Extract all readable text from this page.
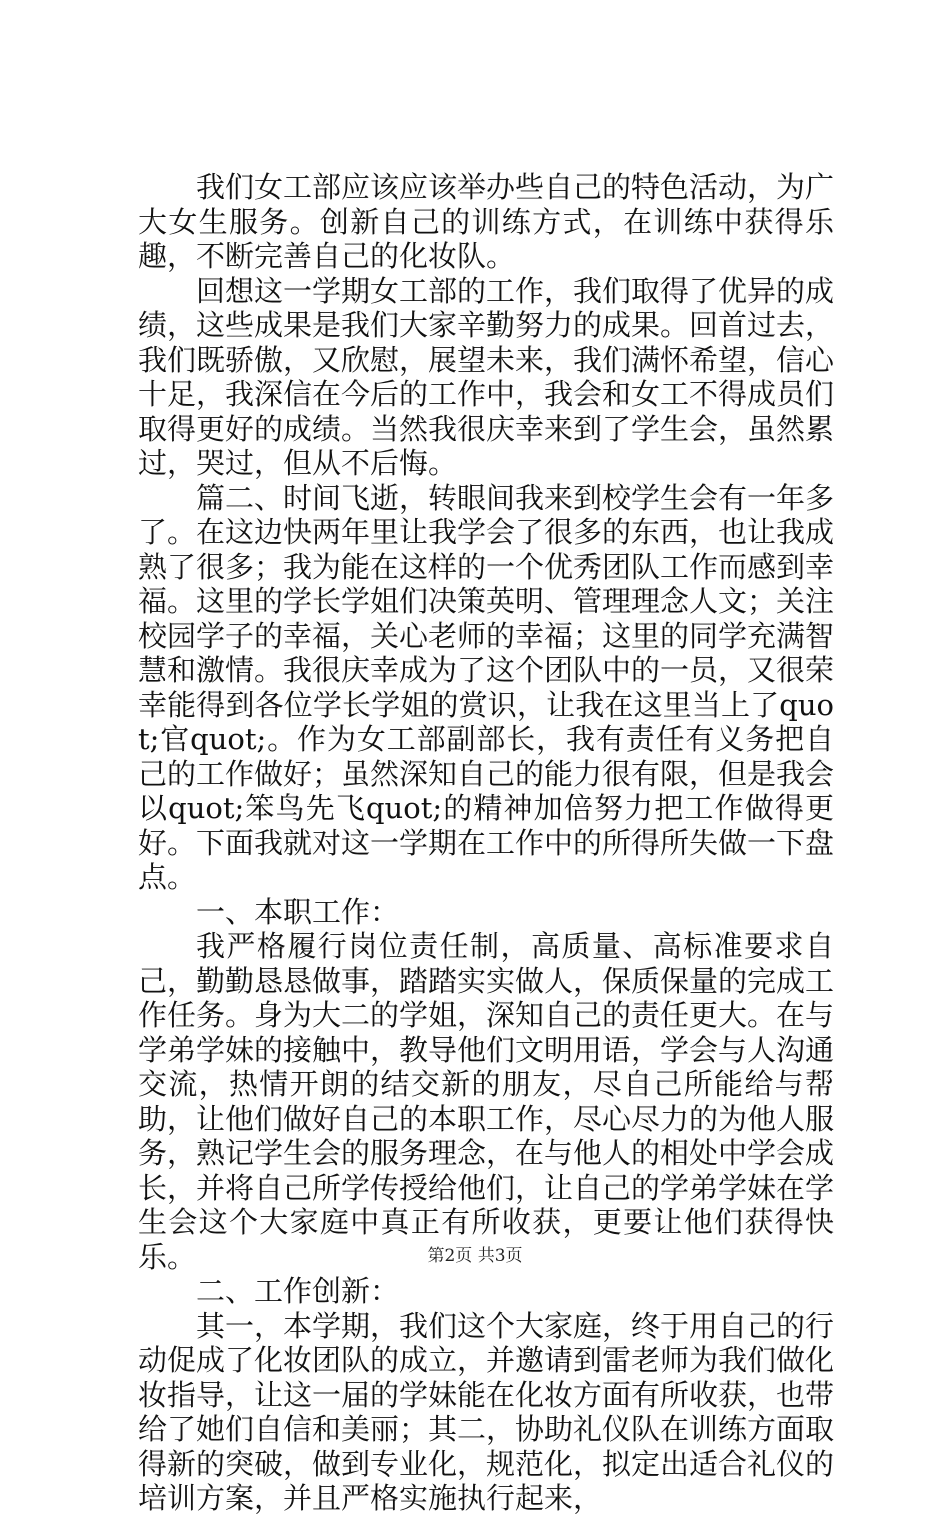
我们女工部应该应该举办些自己的特色活动，为广大女生服务。创新自己的训练方式，在训练中获得乐趣，不断完善自己的化妆队。

回想这一学期女工部的工作，我们取得了优异的成绩，这些成果是我们大家辛勤努力的成果。回首过去，我们既骄傲，又欣慰，展望未来，我们满怀希望，信心十足，我深信在今后的工作中，我会和女工不得成员们取得更好的成绩。当然我很庆幸来到了学生会，虽然累过，哭过，但从不后悔。

篇二、时间飞逝，转眼间我来到校学生会有一年多了。在这边快两年里让我学会了很多的东西，也让我成熟了很多；我为能在这样的一个优秀团队工作而感到幸福。这里的学长学姐们决策英明、管理理念人文；关注校园学子的幸福，关心老师的幸福；这里的同学充满智慧和激情。我很庆幸成为了这个团队中的一员，又很荣幸能得到各位学长学姐的赏识，让我在这里当上了quot;官quot;。作为女工部副部长，我有责任有义务把自己的工作做好；虽然深知自己的能力很有限，但是我会以quot;笨鸟先飞quot;的精神加倍努力把工作做得更好。下面我就对这一学期在工作中的所得所失做一下盘点。

一、本职工作：

我严格履行岗位责任制，高质量、高标准要求自己，勤勤恳恳做事，踏踏实实做人，保质保量的完成工作任务。身为大二的学姐，深知自己的责任更大。在与学弟学妹的接触中，教导他们文明用语，学会与人沟通交流，热情开朗的结交新的朋友，尽自己所能给与帮助，让他们做好自己的本职工作，尽心尽力的为他人服务，熟记学生会的服务理念，在与他人的相处中学会成长，并将自己所学传授给他们，让自己的学弟学妹在学生会这个大家庭中真正有所收获，更要让他们获得快乐。

二、工作创新：

其一，本学期，我们这个大家庭，终于用自己的行动促成了化妆团队的成立，并邀请到雷老师为我们做化妆指导，让这一届的学妹能在化妆方面有所收获，也带给了她们自信和美丽；其二，协助礼仪队在训练方面取得新的突破，做到专业化，规范化，拟定出适合礼仪的培训方案，并且严格实施执行起来，

第2页 共3页
